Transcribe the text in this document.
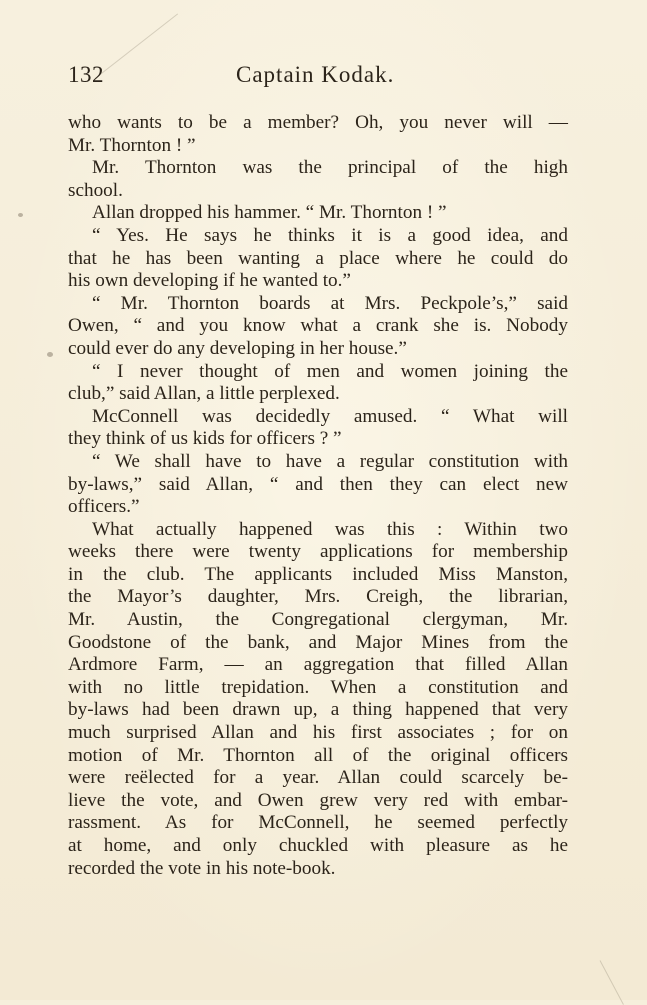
132	Captain Kodak.
who wants to be a member? Oh, you never will —
Mr. Thornton ! ”
Mr. Thornton was the principal of the high
school.
Allan dropped his hammer. “ Mr. Thornton ! ”
“ Yes. He says he thinks it is a good idea, and
that he has been wanting a place where he could do
his own developing if he wanted to.”
“ Mr. Thornton boards at Mrs. Peckpole’s,” said
Owen, “ and you know what a crank she is. Nobody
could ever do any developing in her house.”
“ I never thought of men and women joining the
club,” said Allan, a little perplexed.
McConnell was decidedly amused. “ What will
they think of us kids for officers ? ”
“ We shall have to have a regular constitution with
by-laws,” said Allan, “ and then they can elect new
officers.”
What actually happened was this : Within two
weeks there were twenty applications for membership
in the club. The applicants included Miss Manston,
the Mayor’s daughter, Mrs. Creigh, the librarian,
Mr. Austin, the Congregational clergyman, Mr.
Goodstone of the bank, and Major Mines from the
Ardmore Farm, — an aggregation that filled Allan
with no little trepidation. When a constitution and
by-laws had been drawn up, a thing happened that very
much surprised Allan and his first associates ; for on
motion of Mr. Thornton all of the original officers
were reëlected for a year. Allan could scarcely be-
lieve the vote, and Owen grew very red with embar-
rassment. As for McConnell, he seemed perfectly
at home, and only chuckled with pleasure as he
recorded the vote in his note-book.
